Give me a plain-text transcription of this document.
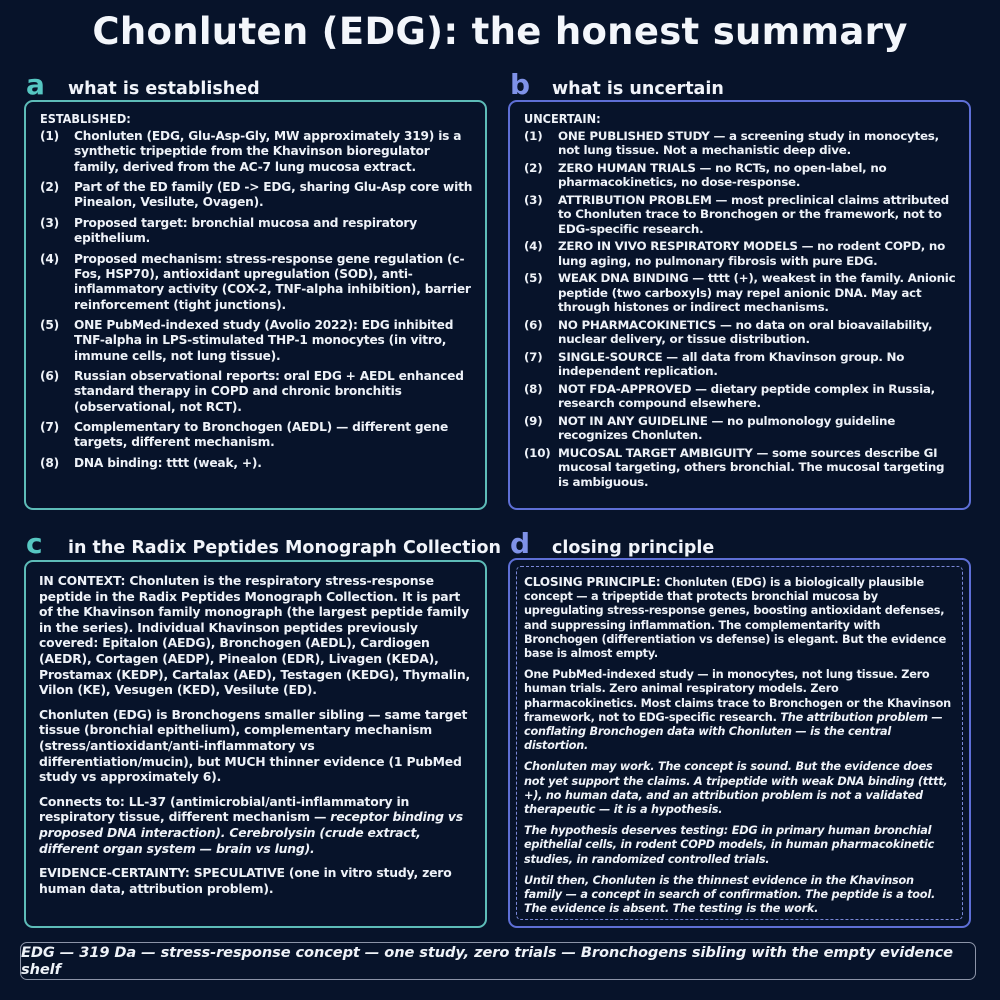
Chonluten (EDG): the honest summary
a	what is established
ESTABLISHED:
(1)	Chonluten (EDG, Glu-Asp-Gly, MW approximately 319) is a synthetic tripeptide from the Khavinson bioregulator family, derived from the AC-7 lung mucosa extract.
(2)	Part of the ED family (ED -> EDG, sharing Glu-Asp core with Pinealon, Vesilute, Ovagen).
(3)	Proposed target: bronchial mucosa and respiratory epithelium.
(4)	Proposed mechanism: stress-response gene regulation (c-Fos, HSP70), antioxidant upregulation (SOD), anti-inflammatory activity (COX-2, TNF-alpha inhibition), barrier reinforcement (tight junctions).
(5)	ONE PubMed-indexed study (Avolio 2022): EDG inhibited TNF-alpha in LPS-stimulated THP-1 monocytes (in vitro, immune cells, not lung tissue).
(6)	Russian observational reports: oral EDG + AEDL enhanced standard therapy in COPD and chronic bronchitis (observational, not RCT).
(7)	Complementary to Bronchogen (AEDL) — different gene targets, different mechanism.
(8)	DNA binding: tttt (weak, +).
b	what is uncertain
UNCERTAIN:
(1)	ONE PUBLISHED STUDY — a screening study in monocytes, not lung tissue. Not a mechanistic deep dive.
(2)	ZERO HUMAN TRIALS — no RCTs, no open-label, no pharmacokinetics, no dose-response.
(3)	ATTRIBUTION PROBLEM — most preclinical claims attributed to Chonluten trace to Bronchogen or the framework, not to EDG-specific research.
(4)	ZERO IN VIVO RESPIRATORY MODELS — no rodent COPD, no lung aging, no pulmonary fibrosis with pure EDG.
(5)	WEAK DNA BINDING — tttt (+), weakest in the family. Anionic peptide (two carboxyls) may repel anionic DNA. May act through histones or indirect mechanisms.
(6)	NO PHARMACOKINETICS — no data on oral bioavailability, nuclear delivery, or tissue distribution.
(7)	SINGLE-SOURCE — all data from Khavinson group. No independent replication.
(8)	NOT FDA-APPROVED — dietary peptide complex in Russia, research compound elsewhere.
(9)	NOT IN ANY GUIDELINE — no pulmonology guideline recognizes Chonluten.
(10) MUCOSAL TARGET AMBIGUITY — some sources describe GI mucosal targeting, others bronchial. The mucosal targeting is ambiguous.
c	in the Radix Peptides Monograph Collection

IN CONTEXT: Chonluten is the respiratory stress-response peptide in the Radix Peptides Monograph Collection. It is part of the Khavinson family monograph (the largest peptide family in the series). Individual Khavinson peptides previously covered: Epitalon (AEDG), Bronchogen (AEDL), Cardiogen (AEDR), Cortagen (AEDP), Pinealon (EDR), Livagen (KEDA), Prostamax (KEDP), Cartalax (AED), Testagen (KEDG), Thymalin, Vilon (KE), Vesugen (KED), Vesilute (ED).

Chonluten (EDG) is Bronchogens smaller sibling — same target tissue (bronchial epithelium), complementary mechanism (stress/antioxidant/anti-inflammatory vs differentiation/mucin), but MUCH thinner evidence (1 PubMed study vs approximately 6).

Connects to: LL-37 (antimicrobial/anti-inflammatory in respiratory tissue, different mechanism — receptor binding vs proposed DNA interaction). Cerebrolysin (crude extract, different organ system — brain vs lung).

EVIDENCE-CERTAINTY: SPECULATIVE (one in vitro study, zero human data, attribution problem).

d	closing principle

CLOSING PRINCIPLE: Chonluten (EDG) is a biologically plausible concept — a tripeptide that protects bronchial mucosa by upregulating stress-response genes, boosting antioxidant defenses, and suppressing inflammation. The complementarity with Bronchogen (differentiation vs defense) is elegant. But the evidence base is almost empty.

One PubMed-indexed study — in monocytes, not lung tissue. Zero human trials. Zero animal respiratory models. Zero pharmacokinetics. Most claims trace to Bronchogen or the Khavinson framework, not to EDG-specific research. The attribution problem — conflating Bronchogen data with Chonluten — is the central distortion.

Chonluten may work. The concept is sound. But the evidence does not yet support the claims. A tripeptide with weak DNA binding (tttt, +), no human data, and an attribution problem is not a validated therapeutic — it is a hypothesis.

The hypothesis deserves testing: EDG in primary human bronchial epithelial cells, in rodent COPD models, in human pharmacokinetic studies, in randomized controlled trials.

Until then, Chonluten is the thinnest evidence in the Khavinson family — a concept in search of confirmation. The peptide is a tool. The evidence is absent. The testing is the work.

EDG — 319 Da — stress-response concept — one study, zero trials — Bronchogens sibling with the empty evidence shelf
